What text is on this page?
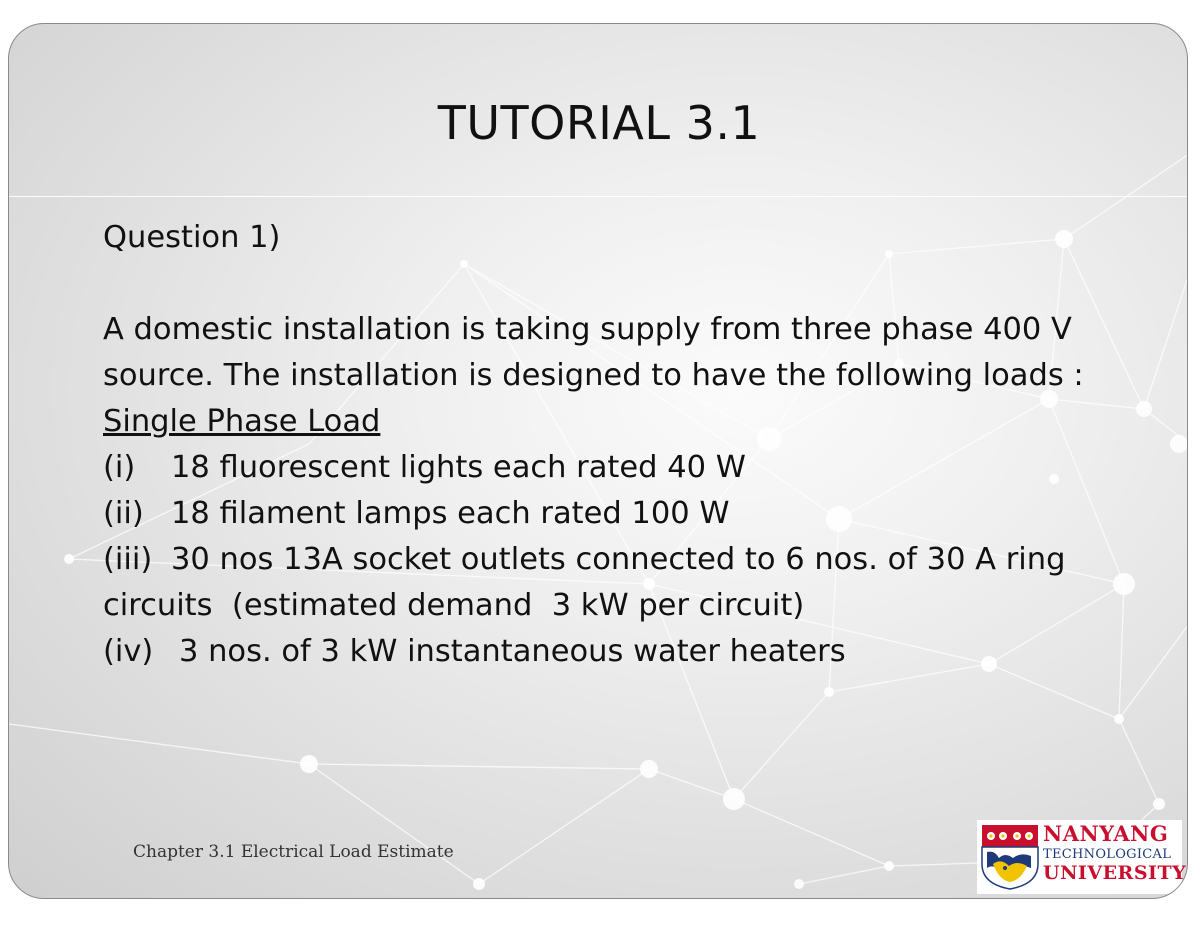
TUTORIAL 3.1
Question 1)
A domestic installation is taking supply from three phase 400 V
source. The installation is designed to have the following loads :
Single Phase Load
(i) 18 fluorescent lights each rated 40 W
(ii) 18 filament lamps each rated 100 W
(iii) 30 nos 13A socket outlets connected to 6 nos. of 30 A ring
circuits  (estimated demand  3 kW per circuit)
(iv) 3 nos. of 3 kW instantaneous water heaters
Chapter 3.1 Electrical Load Estimate
NANYANG
TECHNOLOGICAL
UNIVERSITY
